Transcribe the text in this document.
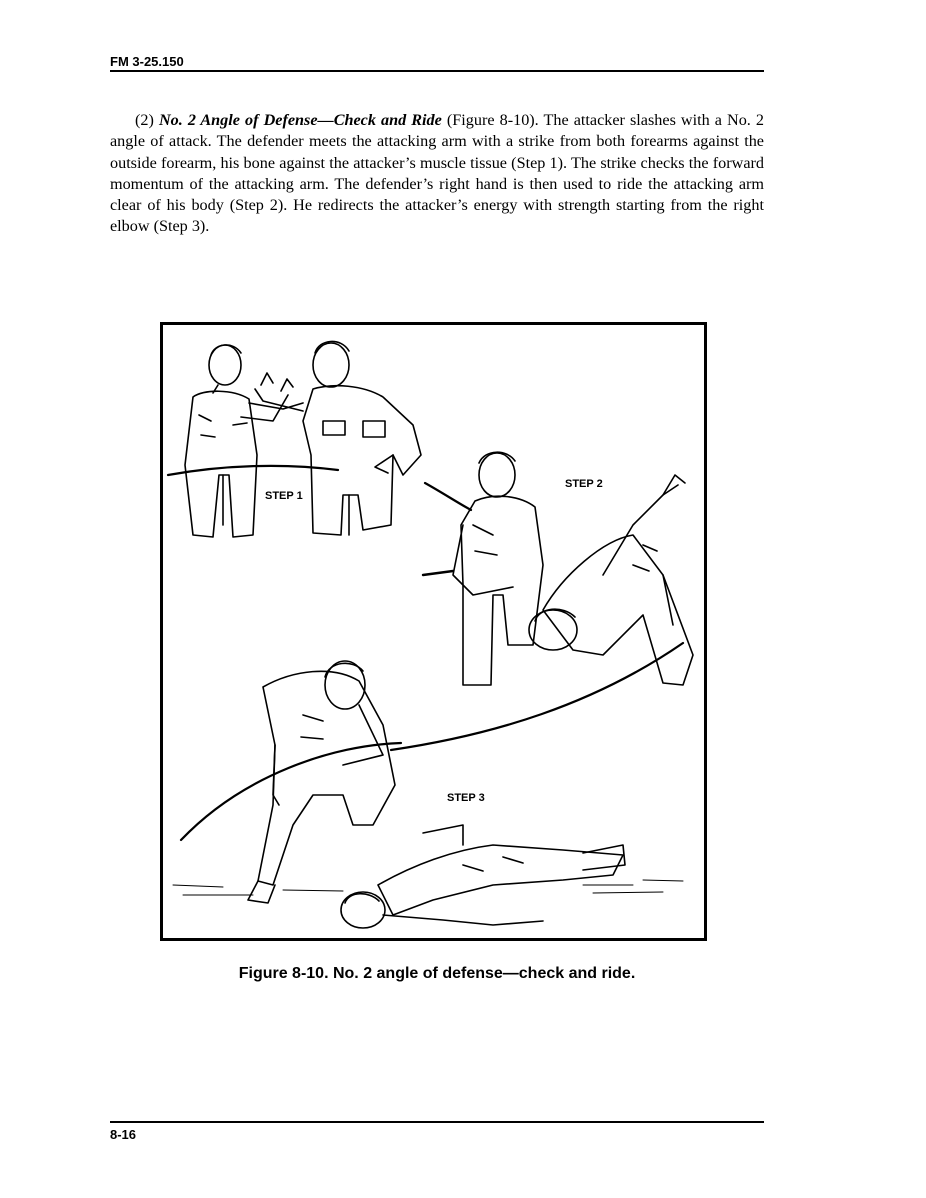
FM 3-25.150

(2) No. 2 Angle of Defense—Check and Ride (Figure 8-10). The attacker slashes with a No. 2 angle of attack. The defender meets the attacking arm with a strike from both forearms against the outside forearm, his bone against the attacker’s muscle tissue (Step 1). The strike checks the forward momentum of the attacking arm. The defender’s right hand is then used to ride the attacking arm clear of his body (Step 2). He redirects the attacker’s energy with strength starting from the right elbow (Step 3).

STEP 1
STEP 2
STEP 3
Figure 8-10. No. 2 angle of defense—check and ride.
8-16
